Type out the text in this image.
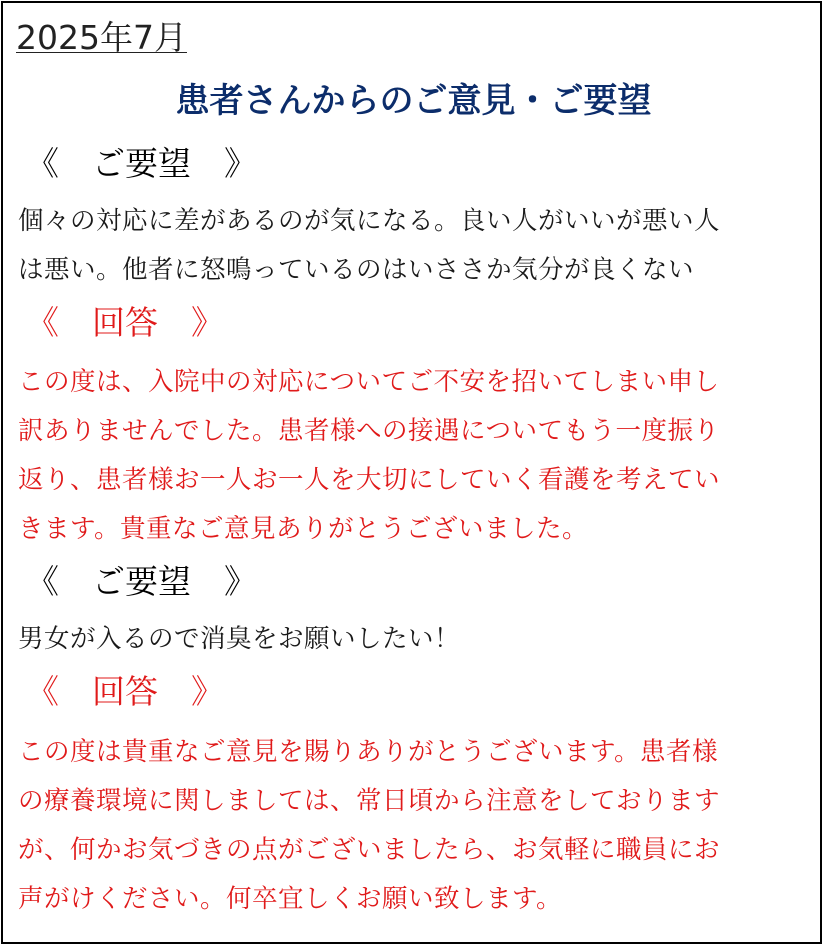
2025年7月
患者さんからのご意見・ご要望
《　ご要望　》
個々の対応に差があるのが気になる。良い人がいいが悪い人
は悪い。他者に怒鳴っているのはいささか気分が良くない
《　回答　》
この度は、入院中の対応についてご不安を招いてしまい申し
訳ありませんでした。患者様への接遇についてもう一度振り
返り、患者様お一人お一人を大切にしていく看護を考えてい
きます。貴重なご意見ありがとうございました。
《　ご要望　》
男女が入るので消臭をお願いしたい！
《　回答　》
この度は貴重なご意見を賜りありがとうございます。患者様
の療養環境に関しましては、常日頃から注意をしております
が、何かお気づきの点がございましたら、お気軽に職員にお
声がけください。何卒宜しくお願い致します。
